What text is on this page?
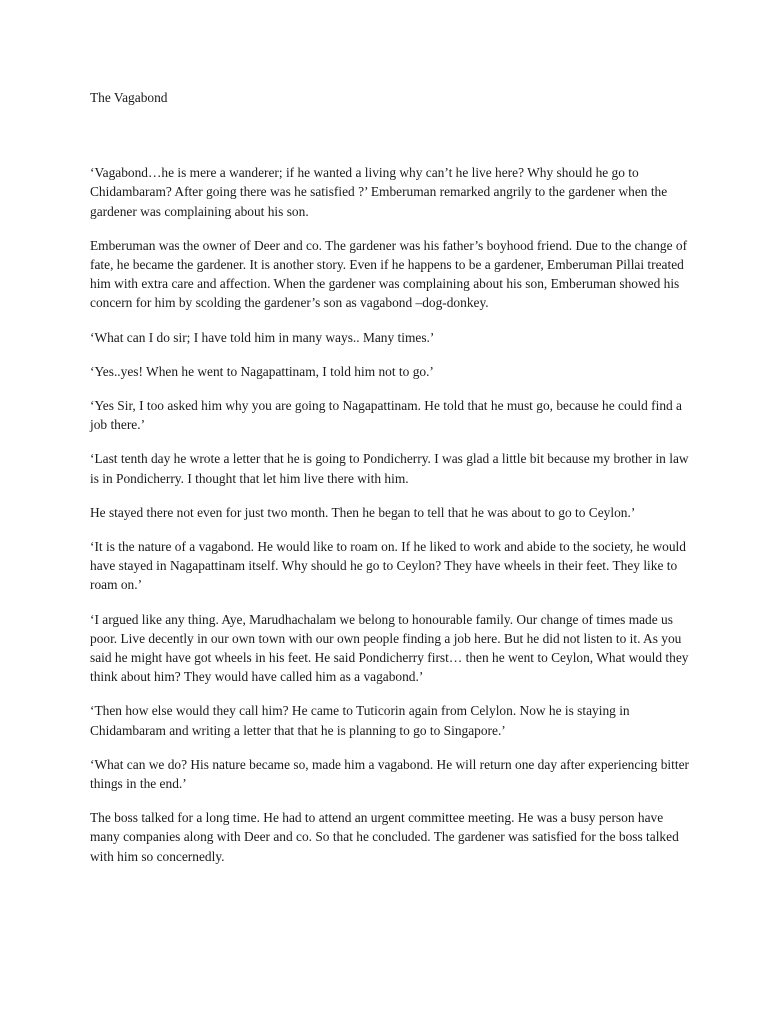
The Vagabond

‘Vagabond…he is mere a wanderer; if he wanted a living why can’t he live here? Why should he go to Chidambaram? After going there was he satisfied ?’ Emberuman remarked angrily to the gardener when the gardener was complaining about his son.

Emberuman was the owner of Deer and co. The gardener was his father’s boyhood friend. Due to the change of fate, he became the gardener. It is another story. Even if he happens to be a gardener, Emberuman Pillai treated him with extra care and affection. When the gardener was complaining about his son, Emberuman showed his concern for him by scolding the gardener’s son as vagabond –dog-donkey.

‘What can I do sir; I have told him in many ways.. Many times.’

‘Yes..yes! When he went to Nagapattinam, I told him not to go.’

‘Yes Sir, I too asked him why you are going to Nagapattinam. He told that he must go, because he could find a job there.’

‘Last tenth day he wrote a letter that he is going to Pondicherry. I was glad a little bit because my brother in law is in Pondicherry. I thought that let him live there with him.

He stayed there not even for just two month. Then he began to tell that he was about to go to Ceylon.’

‘It is the nature of a vagabond. He would like to roam on. If he liked to work and abide to the society, he would have stayed in Nagapattinam itself. Why should he go to Ceylon? They have wheels in their feet. They like to roam on.’

‘I argued like any thing. Aye, Marudhachalam we belong to honourable family. Our change of times made us poor. Live decently in our own town with our own people finding a job here. But he did not listen to it. As you said he might have got wheels in his feet. He said Pondicherry first… then he went to Ceylon, What would they think about him? They would have called him as a vagabond.’

‘Then how else would they call him? He came to Tuticorin again from Celylon. Now he is staying in Chidambaram and writing a letter that that he is planning to go to Singapore.’

‘What can we do? His nature became so, made him a vagabond. He will return one day after experiencing bitter things in the end.’

The boss talked for a long time. He had to attend an urgent committee meeting. He was a busy person have many companies along with Deer and co. So that he concluded. The gardener was satisfied for the boss talked with him so concernedly.
